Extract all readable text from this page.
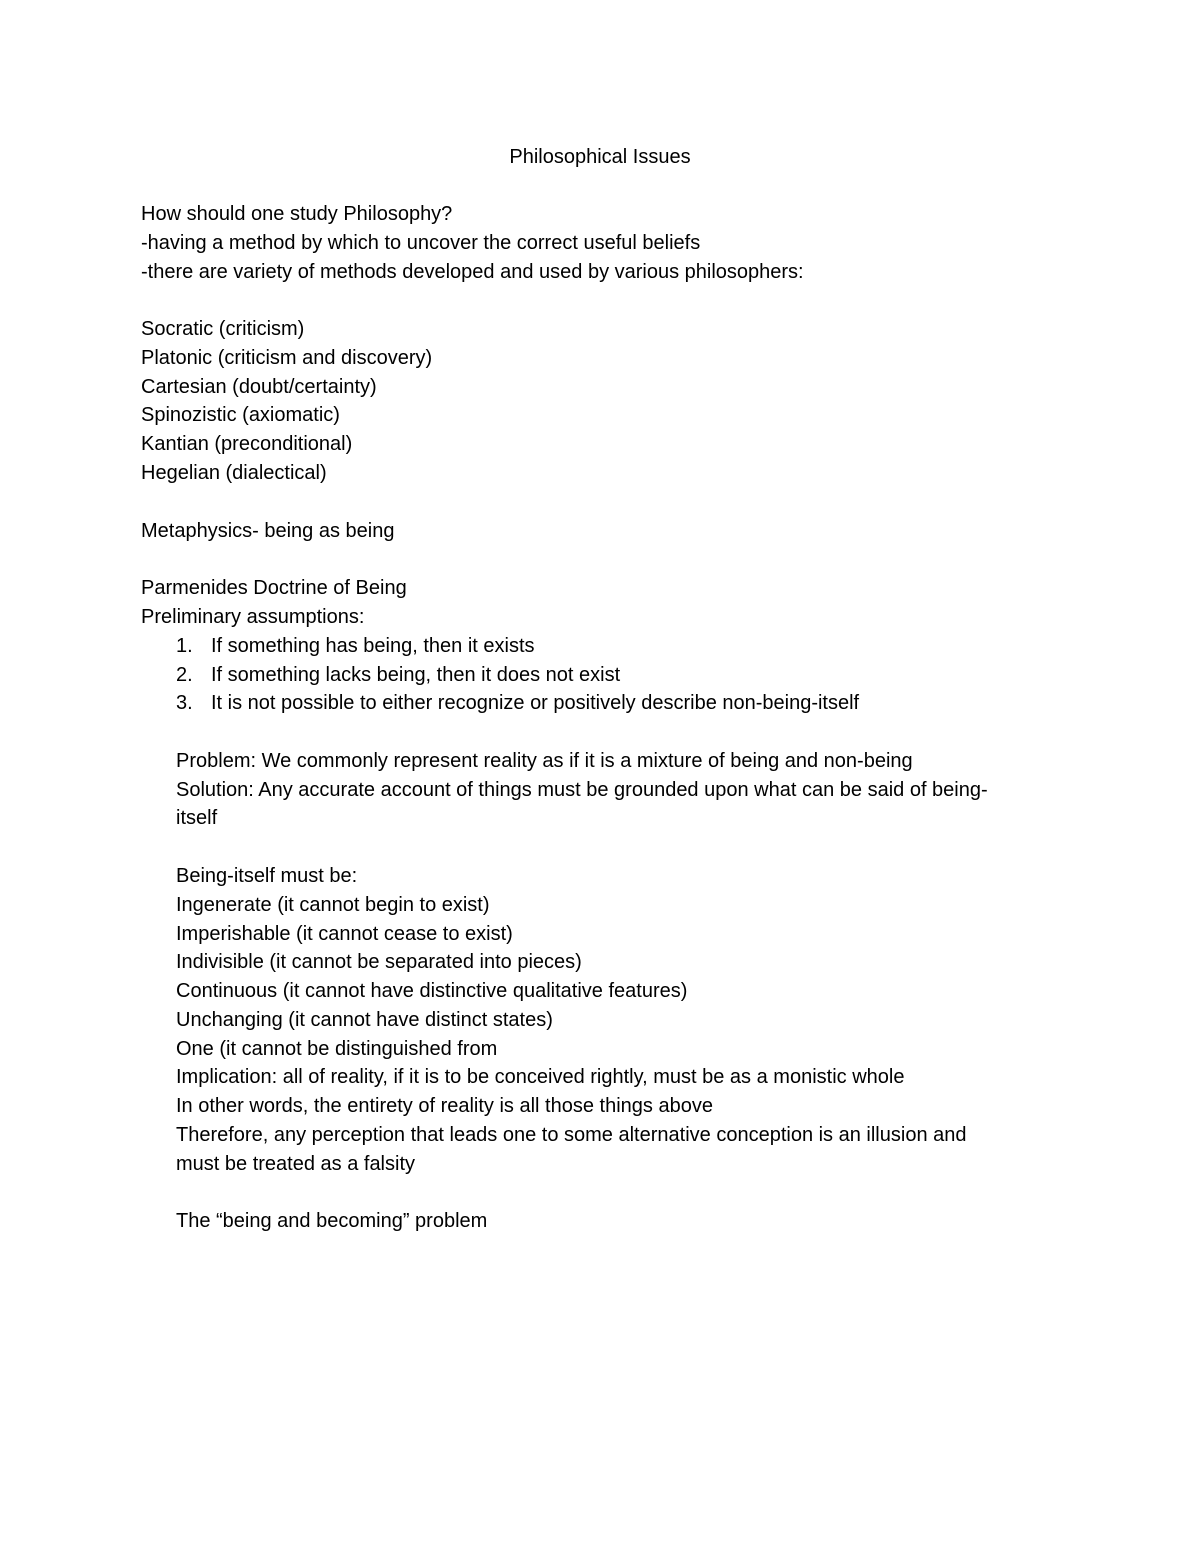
Philosophical Issues
How should one study Philosophy?
-having a method by which to uncover the correct useful beliefs
-there are variety of methods developed and used by various philosophers:
Socratic (criticism)
Platonic (criticism and discovery)
Cartesian (doubt/certainty)
Spinozistic (axiomatic)
Kantian (preconditional)
Hegelian (dialectical)
Metaphysics- being as being
Parmenides Doctrine of Being
Preliminary assumptions:
1. If something has being, then it exists
2. If something lacks being, then it does not exist
3. It is not possible to either recognize or positively describe non-being-itself
Problem: We commonly represent reality as if it is a mixture of being and non-being
Solution: Any accurate account of things must be grounded upon what can be said of being-
itself
Being-itself must be:
Ingenerate (it cannot begin to exist)
Imperishable (it cannot cease to exist)
Indivisible (it cannot be separated into pieces)
Continuous (it cannot have distinctive qualitative features)
Unchanging (it cannot have distinct states)
One (it cannot be distinguished from
Implication: all of reality, if it is to be conceived rightly, must be as a monistic whole
In other words, the entirety of reality is all those things above
Therefore, any perception that leads one to some alternative conception is an illusion and
must be treated as a falsity
The “being and becoming” problem
